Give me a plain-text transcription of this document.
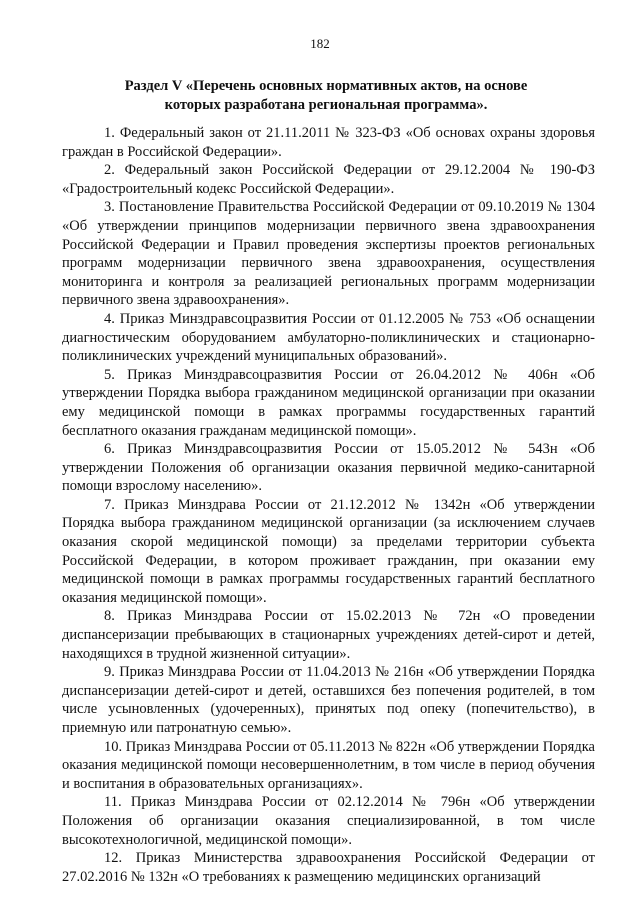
182
Раздел V «Перечень основных нормативных актов, на основе
которых разработана региональная программа».

1. Федеральный закон от 21.11.2011 № 323-ФЗ «Об основах охраны здоровья граждан в Российской Федерации».

2. Федеральный закон Российской Федерации от 29.12.2004 № 190-ФЗ «Градостроительный кодекс Российской Федерации».

3. Постановление Правительства Российской Федерации от 09.10.2019 № 1304 «Об утверждении принципов модернизации первичного звена здравоохранения Российской Федерации и Правил проведения экспертизы проектов региональных программ модернизации первичного звена здравоохранения, осуществления мониторинга и контроля за реализацией региональных программ модернизации первичного звена здравоохранения».

4. Приказ Минздравсоцразвития России от 01.12.2005 № 753 «Об оснащении диагностическим оборудованием амбулаторно-поликлинических и стационарно-поликлинических учреждений муниципальных образований».

5. Приказ Минздравсоцразвития России от 26.04.2012 № 406н «Об утверждении Порядка выбора гражданином медицинской организации при оказании ему медицинской помощи в рамках программы государственных гарантий бесплатного оказания гражданам медицинской помощи».

6. Приказ Минздравсоцразвития России от 15.05.2012 № 543н «Об утверждении Положения об организации оказания первичной медико-санитарной помощи взрослому населению».

7. Приказ Минздрава России от 21.12.2012 № 1342н «Об утверждении Порядка выбора гражданином медицинской организации (за исключением случаев оказания скорой медицинской помощи) за пределами территории субъекта Российской Федерации, в котором проживает гражданин, при оказании ему медицинской помощи в рамках программы государственных гарантий бесплатного оказания медицинской помощи».

8. Приказ Минздрава России от 15.02.2013 № 72н «О проведении диспансеризации пребывающих в стационарных учреждениях детей-сирот и детей, находящихся в трудной жизненной ситуации».

9. Приказ Минздрава России от 11.04.2013 № 216н «Об утверждении Порядка диспансеризации детей-сирот и детей, оставшихся без попечения родителей, в том числе усыновленных (удочеренных), принятых под опеку (попечительство), в приемную или патронатную семью».

10. Приказ Минздрава России от 05.11.2013 № 822н «Об утверждении Порядка оказания медицинской помощи несовершеннолетним, в том числе в период обучения и воспитания в образовательных организациях».

11. Приказ Минздрава России от 02.12.2014 № 796н «Об утверждении Положения об организации оказания специализированной, в том числе высокотехнологичной, медицинской помощи».

12. Приказ Министерства здравоохранения Российской Федерации от 27.02.2016 № 132н «О требованиях к размещению медицинских организаций
